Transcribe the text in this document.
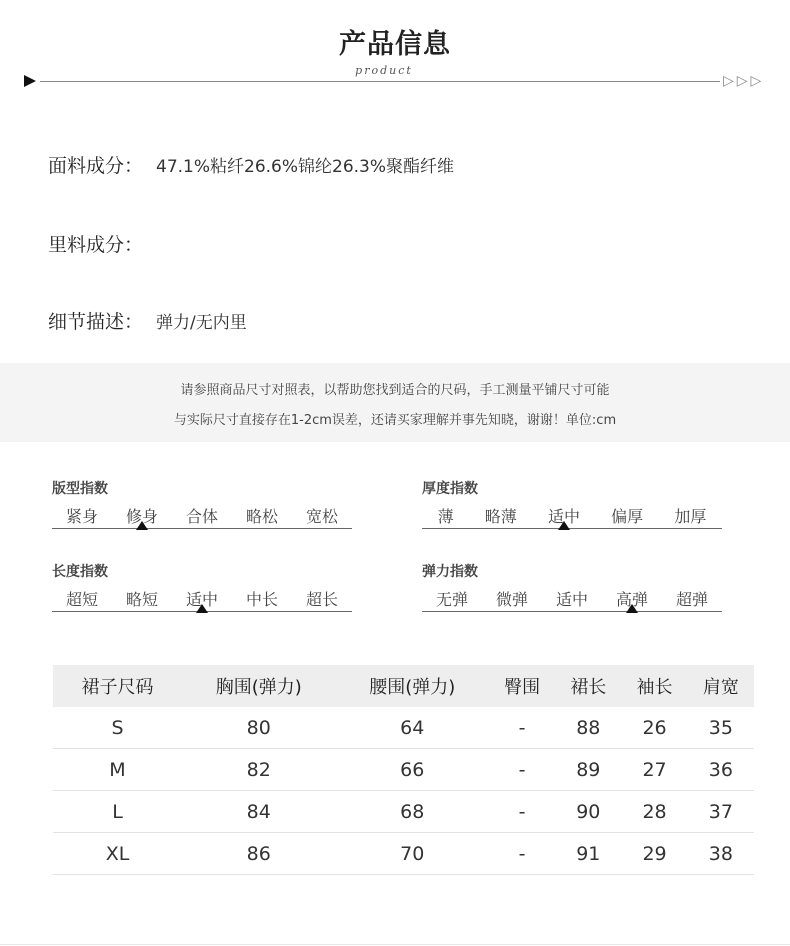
产品信息
product
▷▷▷
面料成分： 47.1%粘纤26.6%锦纶26.3%聚酯纤维
里料成分：
细节描述： 弹力/无内里

请参照商品尺寸对照表，以帮助您找到适合的尺码，手工测量平铺尺寸可能

与实际尺寸直接存在1-2cm误差，还请买家理解并事先知晓，谢谢！单位:cm

版型指数
紧身 修身 合体 略松 宽松
厚度指数
薄 略薄 适中 偏厚 加厚
长度指数
超短 略短 适中 中长 超长
弹力指数
无弹 微弹 适中 高弹 超弹
裙子尺码	胸围(弹力)	腰围(弹力)	臀围	裙长	袖长	肩宽
S	80	64	-	88	26	35
M	82	66	-	89	27	36
L	84	68	-	90	28	37
XL	86	70	-	91	29	38
